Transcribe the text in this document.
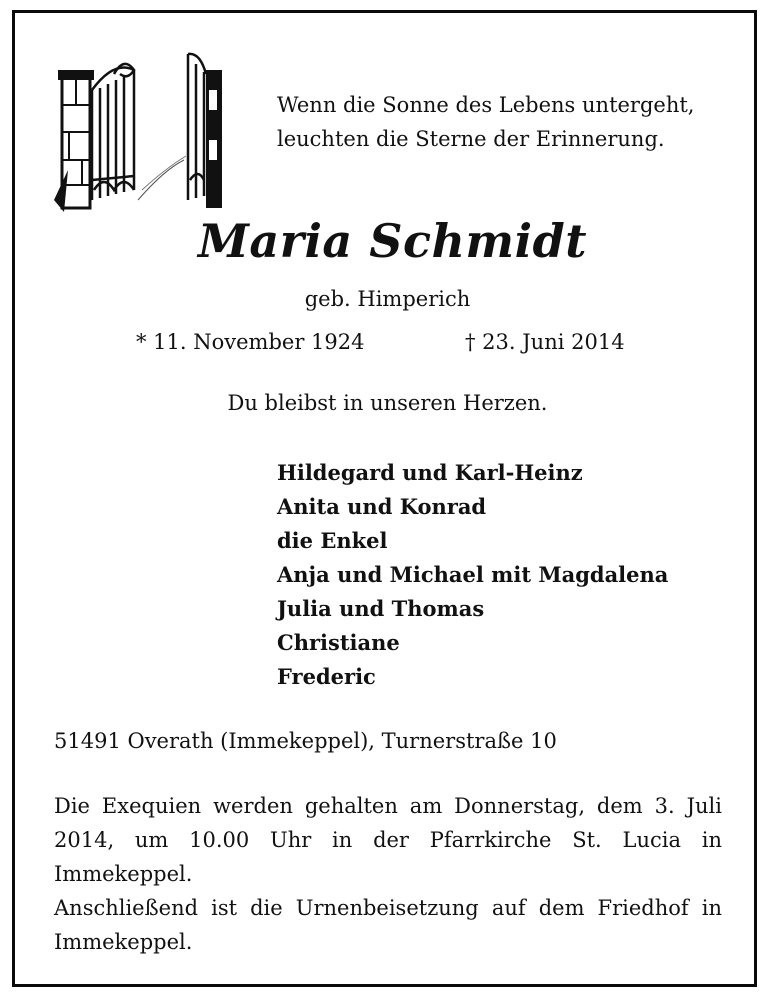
Wenn die Sonne des Lebens untergeht,
leuchten die Sterne der Erinnerung.
Maria Schmidt
geb. Himperich
* 11. November 1924	† 23. Juni 2014
Du bleibst in unseren Herzen.
Hildegard und Karl-Heinz
Anita und Konrad
die Enkel
Anja und Michael mit Magdalena
Julia und Thomas
Christiane
Frederic
51491 Overath (Immekeppel), Turnerstraße 10

Die Exequien werden gehalten am Donnerstag, dem 3. Juli 2014, um 10.00 Uhr in der Pfarrkirche St. Lucia in Immekeppel.

Anschließend ist die Urnenbeisetzung auf dem Friedhof in Immekeppel.
